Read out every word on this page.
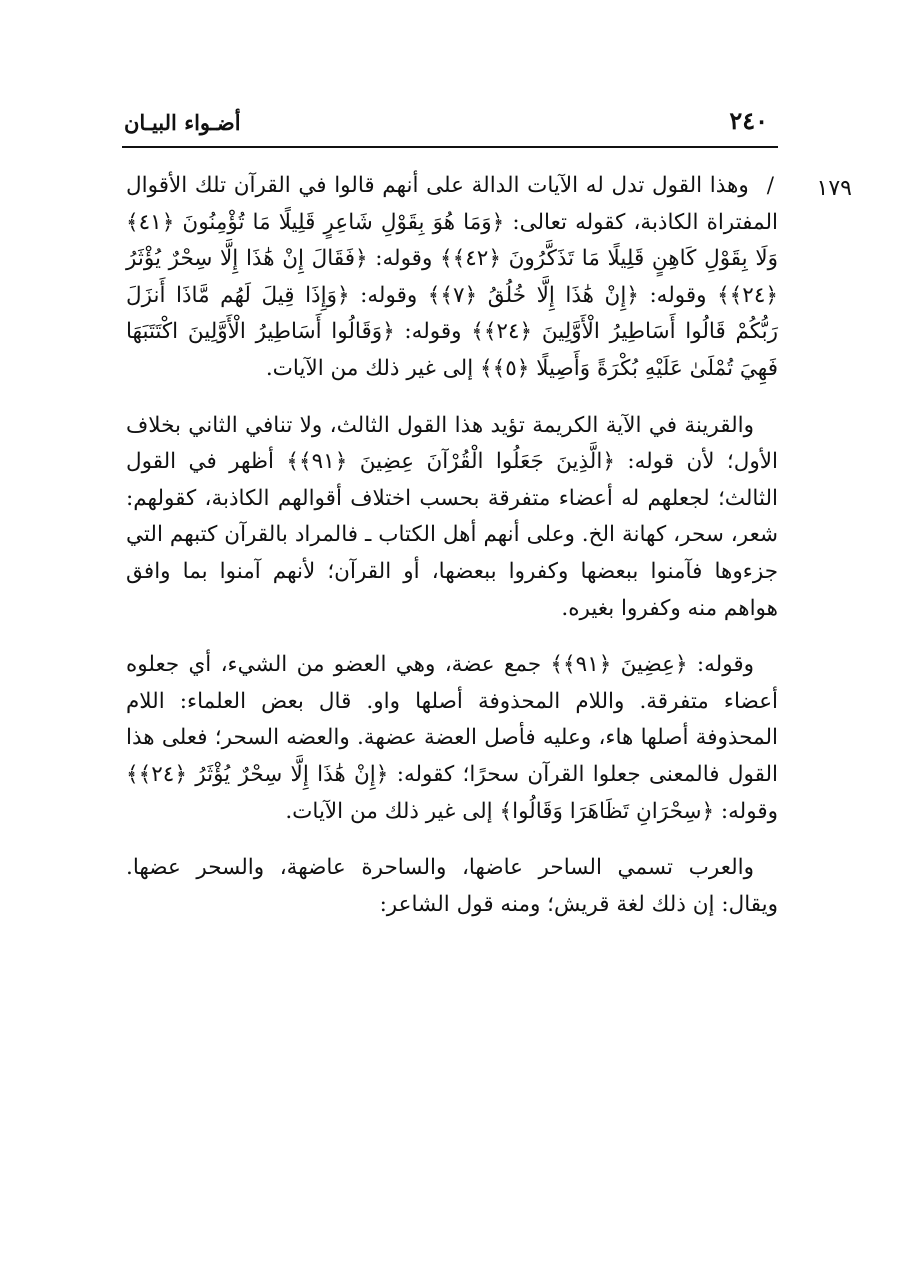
٢٤٠
أضـواء البيـان
١٧٩

/وهذا القول تدل له الآيات الدالة على أنهم قالوا في القرآن تلك الأقوال المفتراة الكاذبة، كقوله تعالى: ﴿وَمَا هُوَ بِقَوْلِ شَاعِرٍ قَلِيلًا مَا تُؤْمِنُونَ ﴿٤١﴾ وَلَا بِقَوْلِ كَاهِنٍ قَلِيلًا مَا تَذَكَّرُونَ ﴿٤٢﴾﴾ وقوله: ﴿فَقَالَ إِنْ هَٰذَا إِلَّا سِحْرٌ يُؤْثَرُ ﴿٢٤﴾﴾ وقوله: ﴿إِنْ هَٰذَا إِلَّا خُلُقُ ﴿٧﴾﴾ وقوله: ﴿وَإِذَا قِيلَ لَهُم مَّاذَا أَنزَلَ رَبُّكُمْ قَالُوا أَسَاطِيرُ الْأَوَّلِينَ ﴿٢٤﴾﴾ وقوله: ﴿وَقَالُوا أَسَاطِيرُ الْأَوَّلِينَ اكْتَتَبَهَا فَهِيَ تُمْلَىٰ عَلَيْهِ بُكْرَةً وَأَصِيلًا ﴿٥﴾﴾ إلى غير ذلك من الآيات.

والقرينة في الآية الكريمة تؤيد هذا القول الثالث، ولا تنافي الثاني بخلاف الأول؛ لأن قوله: ﴿الَّذِينَ جَعَلُوا الْقُرْآنَ عِضِينَ ﴿٩١﴾﴾ أظهر في القول الثالث؛ لجعلهم له أعضاء متفرقة بحسب اختلاف أقوالهم الكاذبة، كقولهم: شعر، سحر، كهانة الخ. وعلى أنهم أهل الكتاب ـ فالمراد بالقرآن كتبهم التي جزءوها فآمنوا ببعضها وكفروا ببعضها، أو القرآن؛ لأنهم آمنوا بما وافق هواهم منه وكفروا بغيره.

وقوله: ﴿عِضِينَ ﴿٩١﴾﴾ جمع عضة، وهي العضو من الشيء، أي جعلوه أعضاء متفرقة. واللام المحذوفة أصلها واو. قال بعض العلماء: اللام المحذوفة أصلها هاء، وعليه فأصل العضة عضهة. والعضه السحر؛ فعلى هذا القول فالمعنى جعلوا القرآن سحرًا؛ كقوله: ﴿إِنْ هَٰذَا إِلَّا سِحْرٌ يُؤْثَرُ ﴿٢٤﴾﴾ وقوله: ﴿سِحْرَانِ تَظَاهَرَا وَقَالُوا﴾ إلى غير ذلك من الآيات.

والعرب تسمي الساحر عاضها، والساحرة عاضهة، والسحر عضها. ويقال: إن ذلك لغة قريش؛ ومنه قول الشاعر:
